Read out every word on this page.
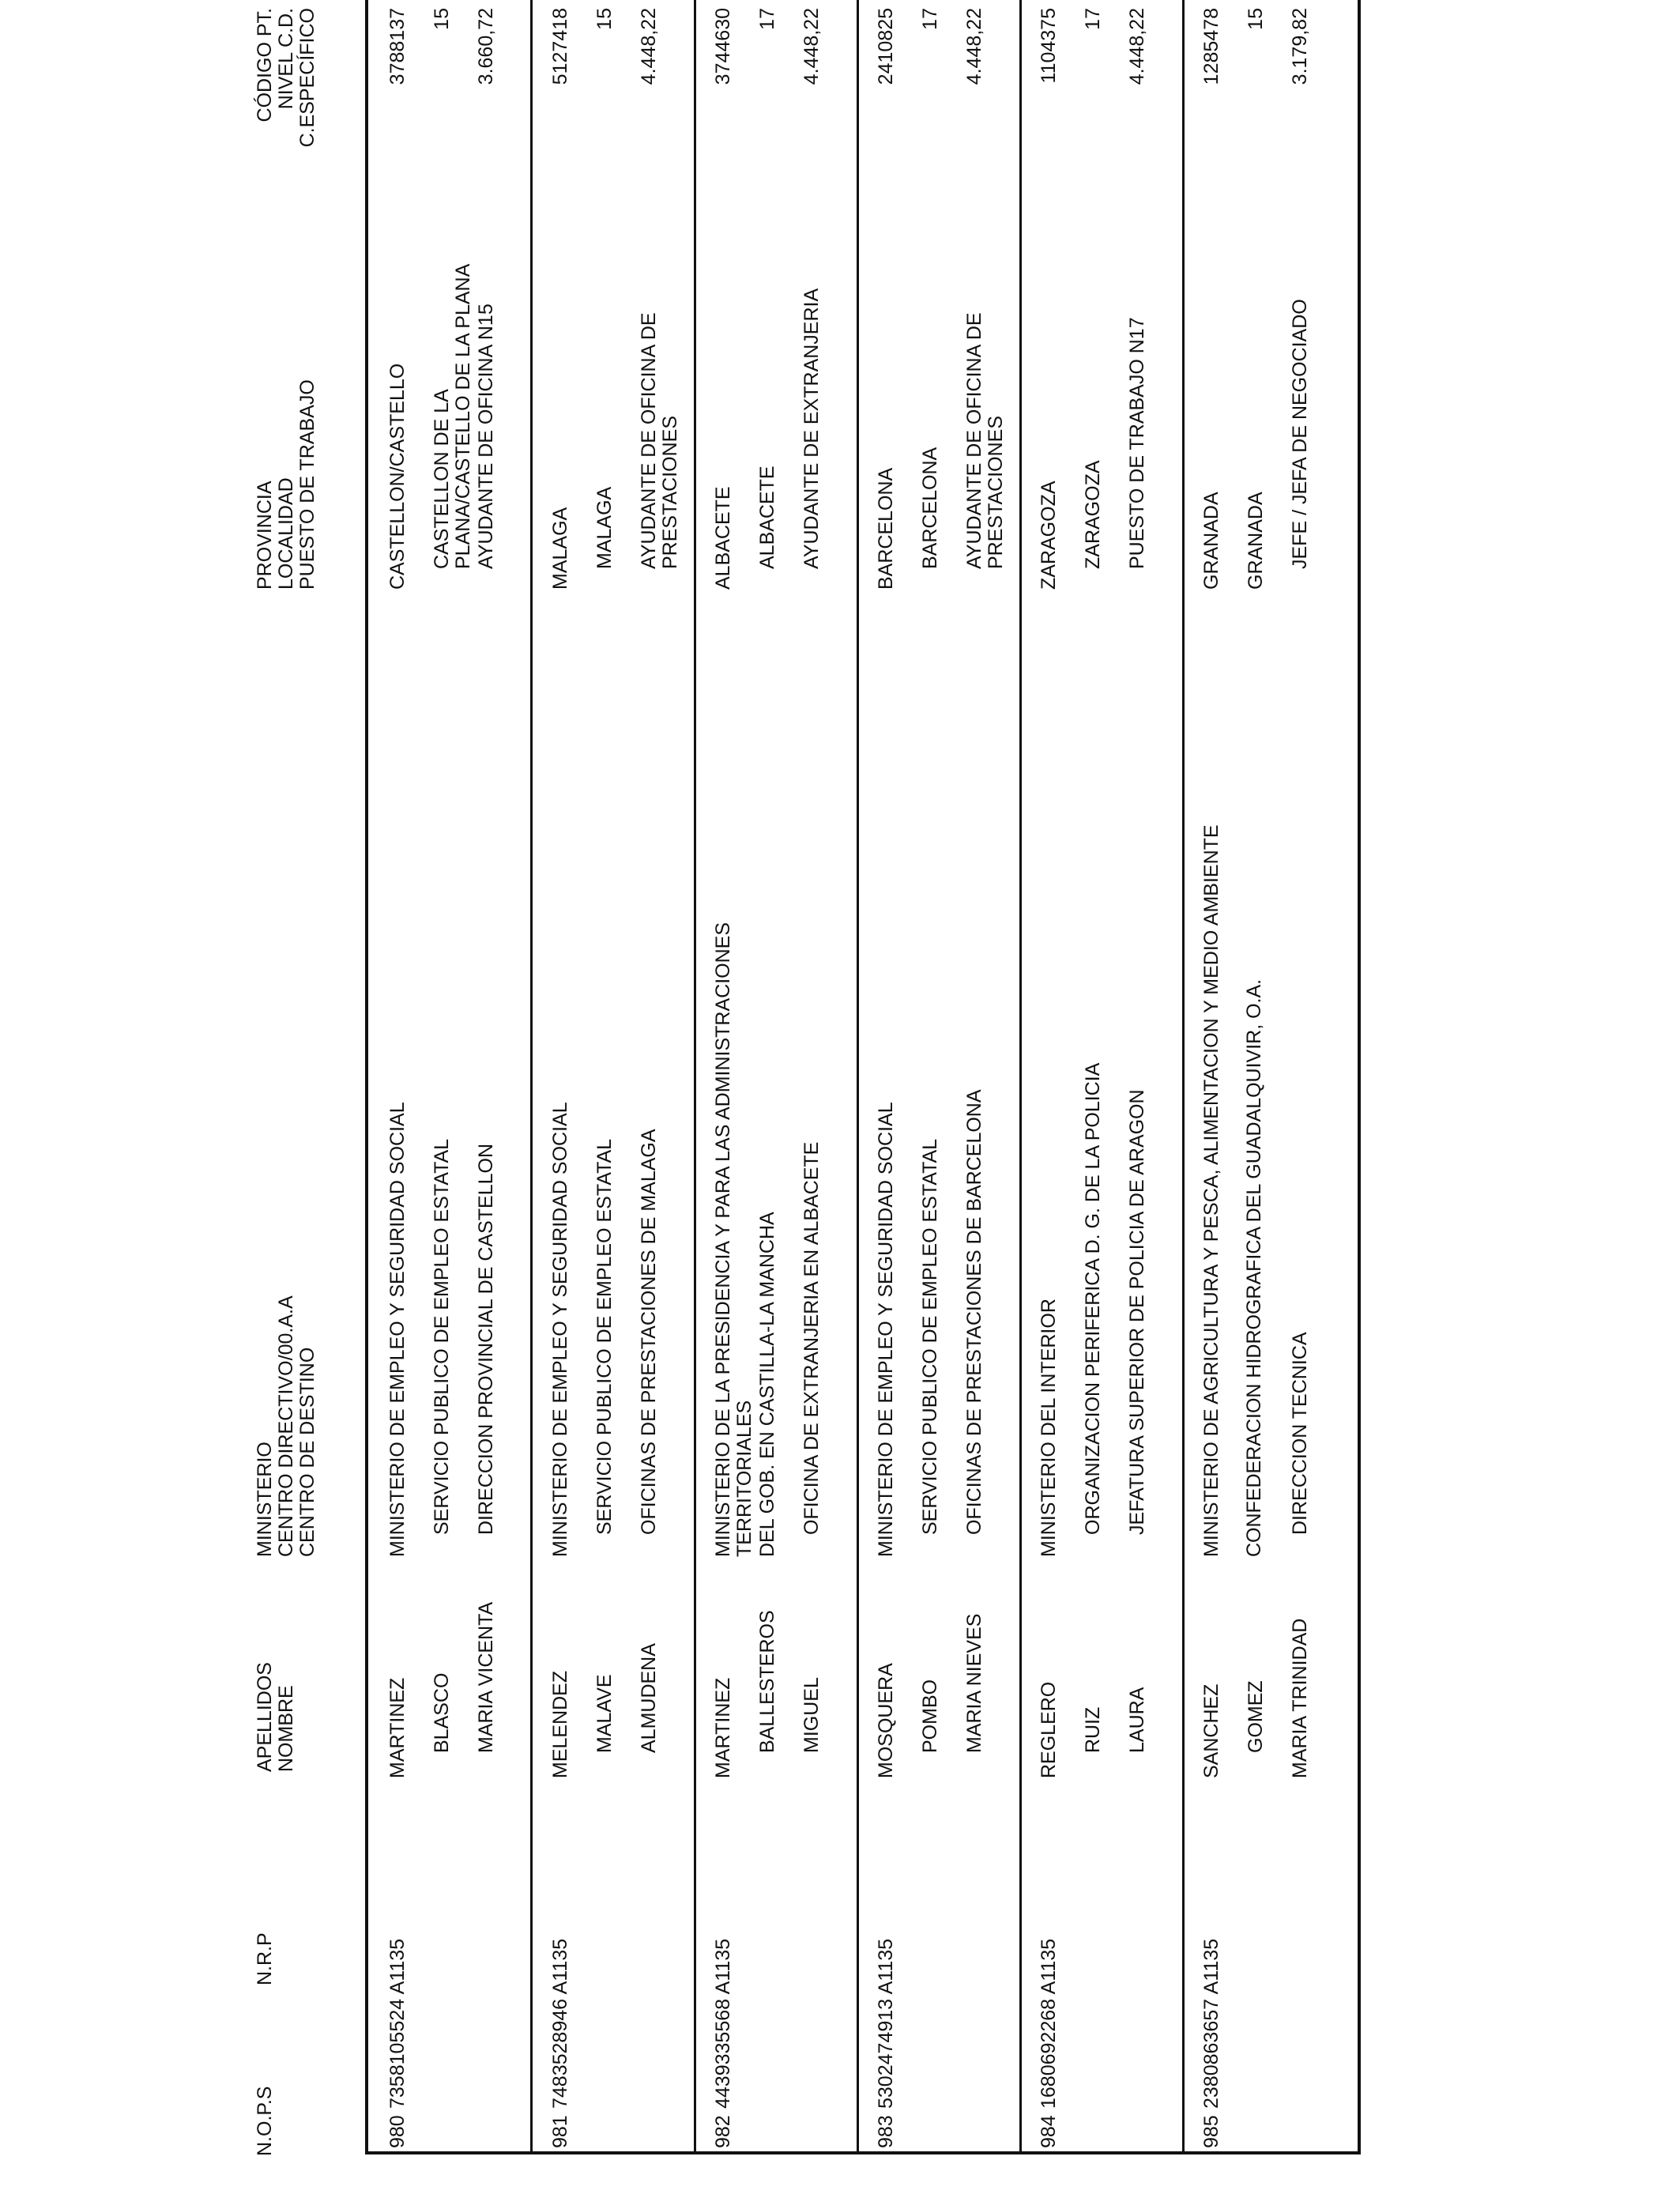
N.O.P.S
N.R.P
APELLIDOS NOMBRE
MINISTERIO CENTRO DIRECTIVO/00.A.A CENTRO DE DESTINO
PROVINCIA LOCALIDAD PUESTO DE TRABAJO
CÓDIGO PT. NIVEL C.D. C.ESPECÍFICO
980
7358105524 A1135
MARTINEZ BLASCO MARIA VICENTA
MINISTERIO DE EMPLEO Y SEGURIDAD SOCIAL SERVICIO PUBLICO DE EMPLEO ESTATAL DIRECCION PROVINCIAL DE CASTELLON
CASTELLON/CASTELLO CASTELLON DE LA PLANA/CASTELLO DE LA PLANA AYUDANTE DE OFICINA N15
3788137 15 3.660,72
981
7483528946 A1135
MELENDEZ MALAVE ALMUDENA
MINISTERIO DE EMPLEO Y SEGURIDAD SOCIAL SERVICIO PUBLICO DE EMPLEO ESTATAL OFICINAS DE PRESTACIONES DE MALAGA
MALAGA MALAGA AYUDANTE DE OFICINA DE PRESTACIONES
5127418 15 4.448,22
982
4439335568 A1135
MARTINEZ BALLESTEROS MIGUEL
MINISTERIO DE LA PRESIDENCIA Y PARA LAS ADMINISTRACIONES TERRITORIALES DEL GOB. EN CASTILLA-LA MANCHA OFICINA DE EXTRANJERIA EN ALBACETE
ALBACETE ALBACETE AYUDANTE DE EXTRANJERIA
3744630 17 4.448,22
983
5302474913 A1135
MOSQUERA POMBO MARIA NIEVES
MINISTERIO DE EMPLEO Y SEGURIDAD SOCIAL SERVICIO PUBLICO DE EMPLEO ESTATAL OFICINAS DE PRESTACIONES DE BARCELONA
BARCELONA BARCELONA AYUDANTE DE OFICINA DE PRESTACIONES
2410825 17 4.448,22
984
1680692268 A1135
REGLERO RUIZ LAURA
MINISTERIO DEL INTERIOR ORGANIZACION PERIFERICA D. G. DE LA POLICIA JEFATURA SUPERIOR DE POLICIA DE ARAGON
ZARAGOZA ZARAGOZA PUESTO DE TRABAJO N17
1104375 17 4.448,22
985
2380863657 A1135
SANCHEZ GOMEZ MARIA TRINIDAD
MINISTERIO DE AGRICULTURA Y PESCA, ALIMENTACION Y MEDIO AMBIENTE CONFEDERACION HIDROGRAFICA DEL GUADALQUIVIR, O.A. DIRECCION TECNICA
GRANADA GRANADA JEFE / JEFA DE NEGOCIADO
1285478 15 3.179,82
